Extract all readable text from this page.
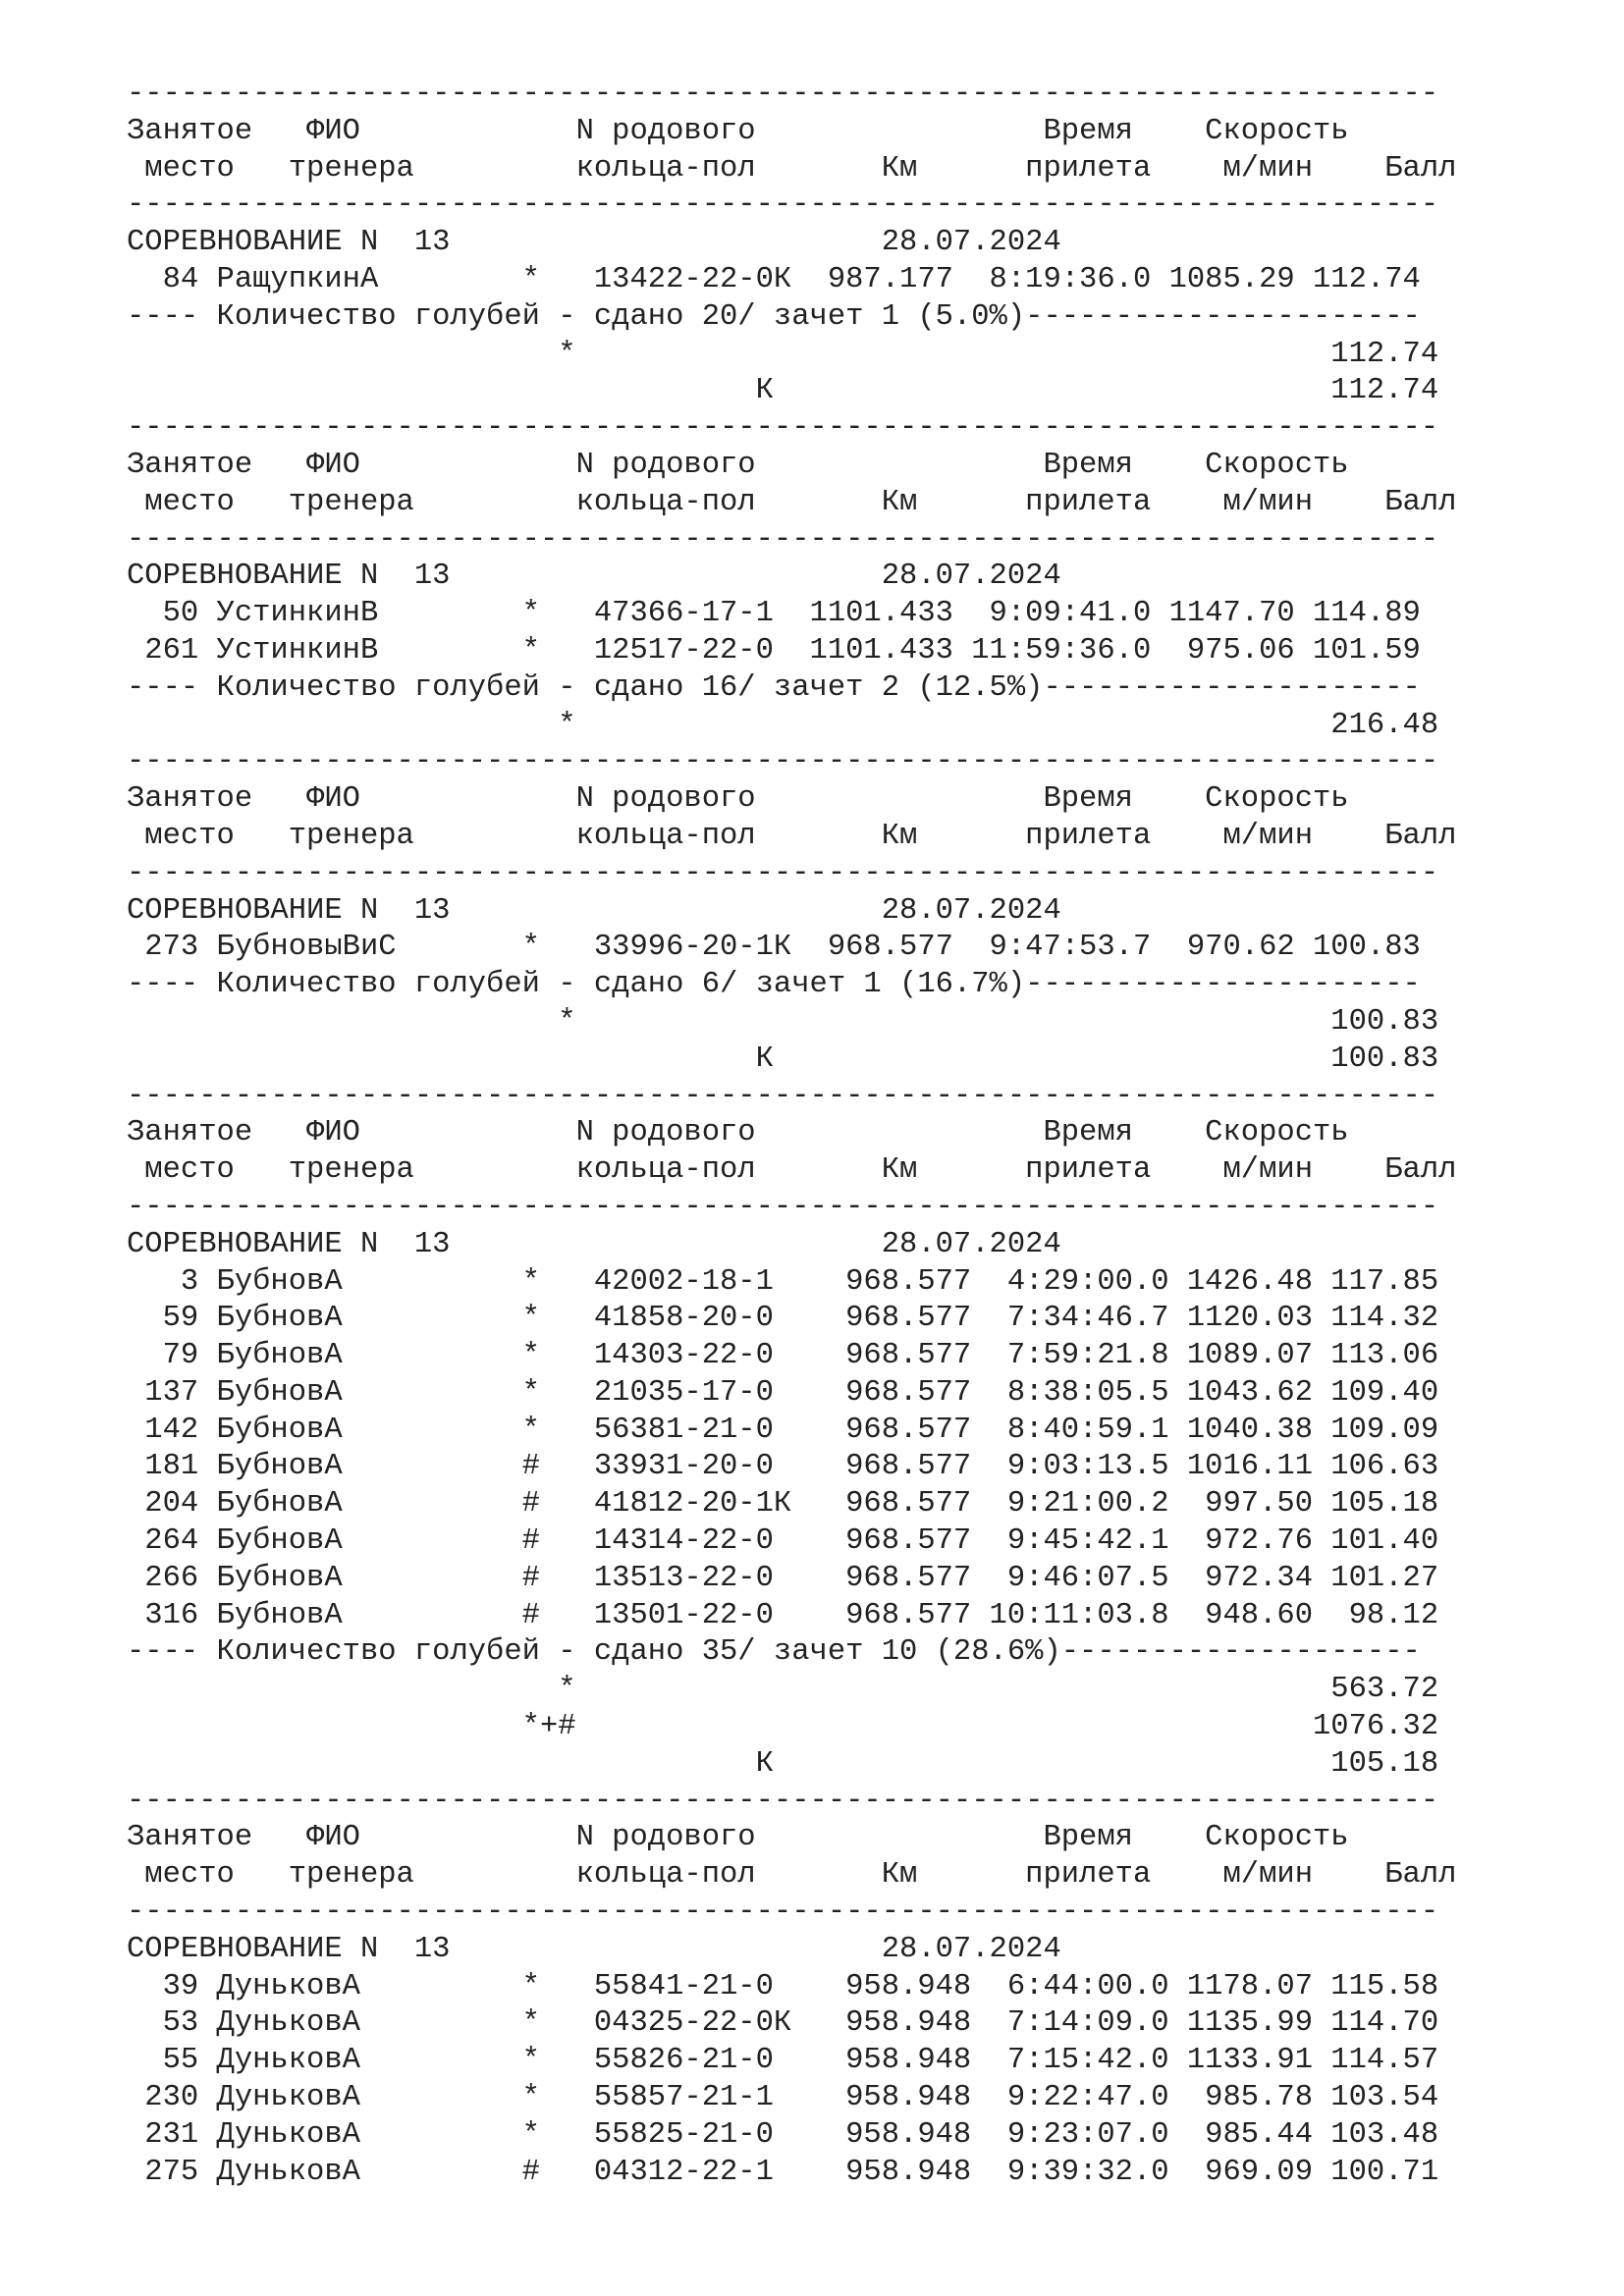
-------------------------------------------------------------------------
Занятое   ФИО            N родового                Время    Скорость
место   тренера         кольца-пол       Км      прилета    м/мин    Балл
-------------------------------------------------------------------------
СОРЕВНОВАНИЕ N  13                        28.07.2024
84 РащупкинА        *   13422-22-0К  987.177  8:19:36.0 1085.29 112.74
---- Количество голубей - сдано 20/ зачет 1 (5.0%)----------------------
*                                          112.74
К                               112.74
-------------------------------------------------------------------------
Занятое   ФИО            N родового                Время    Скорость
место   тренера         кольца-пол       Км      прилета    м/мин    Балл
-------------------------------------------------------------------------
СОРЕВНОВАНИЕ N  13                        28.07.2024
50 УстинкинВ        *   47366-17-1  1101.433  9:09:41.0 1147.70 114.89
261 УстинкинВ        *   12517-22-0  1101.433 11:59:36.0  975.06 101.59
---- Количество голубей - сдано 16/ зачет 2 (12.5%)---------------------
*                                          216.48
-------------------------------------------------------------------------
Занятое   ФИО            N родового                Время    Скорость
место   тренера         кольца-пол       Км      прилета    м/мин    Балл
-------------------------------------------------------------------------
СОРЕВНОВАНИЕ N  13                        28.07.2024
273 БубновыВиС       *   33996-20-1К  968.577  9:47:53.7  970.62 100.83
---- Количество голубей - сдано 6/ зачет 1 (16.7%)----------------------
*                                          100.83
К                               100.83
-------------------------------------------------------------------------
Занятое   ФИО            N родового                Время    Скорость
место   тренера         кольца-пол       Км      прилета    м/мин    Балл
-------------------------------------------------------------------------
СОРЕВНОВАНИЕ N  13                        28.07.2024
3 БубновА          *   42002-18-1    968.577  4:29:00.0 1426.48 117.85
59 БубновА          *   41858-20-0    968.577  7:34:46.7 1120.03 114.32
79 БубновА          *   14303-22-0    968.577  7:59:21.8 1089.07 113.06
137 БубновА          *   21035-17-0    968.577  8:38:05.5 1043.62 109.40
142 БубновА          *   56381-21-0    968.577  8:40:59.1 1040.38 109.09
181 БубновА          #   33931-20-0    968.577  9:03:13.5 1016.11 106.63
204 БубновА          #   41812-20-1К   968.577  9:21:00.2  997.50 105.18
264 БубновА          #   14314-22-0    968.577  9:45:42.1  972.76 101.40
266 БубновА          #   13513-22-0    968.577  9:46:07.5  972.34 101.27
316 БубновА          #   13501-22-0    968.577 10:11:03.8  948.60  98.12
---- Количество голубей - сдано 35/ зачет 10 (28.6%)--------------------
*                                          563.72
*+#                                         1076.32
К                               105.18
-------------------------------------------------------------------------
Занятое   ФИО            N родового                Время    Скорость
место   тренера         кольца-пол       Км      прилета    м/мин    Балл
-------------------------------------------------------------------------
СОРЕВНОВАНИЕ N  13                        28.07.2024
39 ДуньковА         *   55841-21-0    958.948  6:44:00.0 1178.07 115.58
53 ДуньковА         *   04325-22-0К   958.948  7:14:09.0 1135.99 114.70
55 ДуньковА         *   55826-21-0    958.948  7:15:42.0 1133.91 114.57
230 ДуньковА         *   55857-21-1    958.948  9:22:47.0  985.78 103.54
231 ДуньковА         *   55825-21-0    958.948  9:23:07.0  985.44 103.48
275 ДуньковА         #   04312-22-1    958.948  9:39:32.0  969.09 100.71
